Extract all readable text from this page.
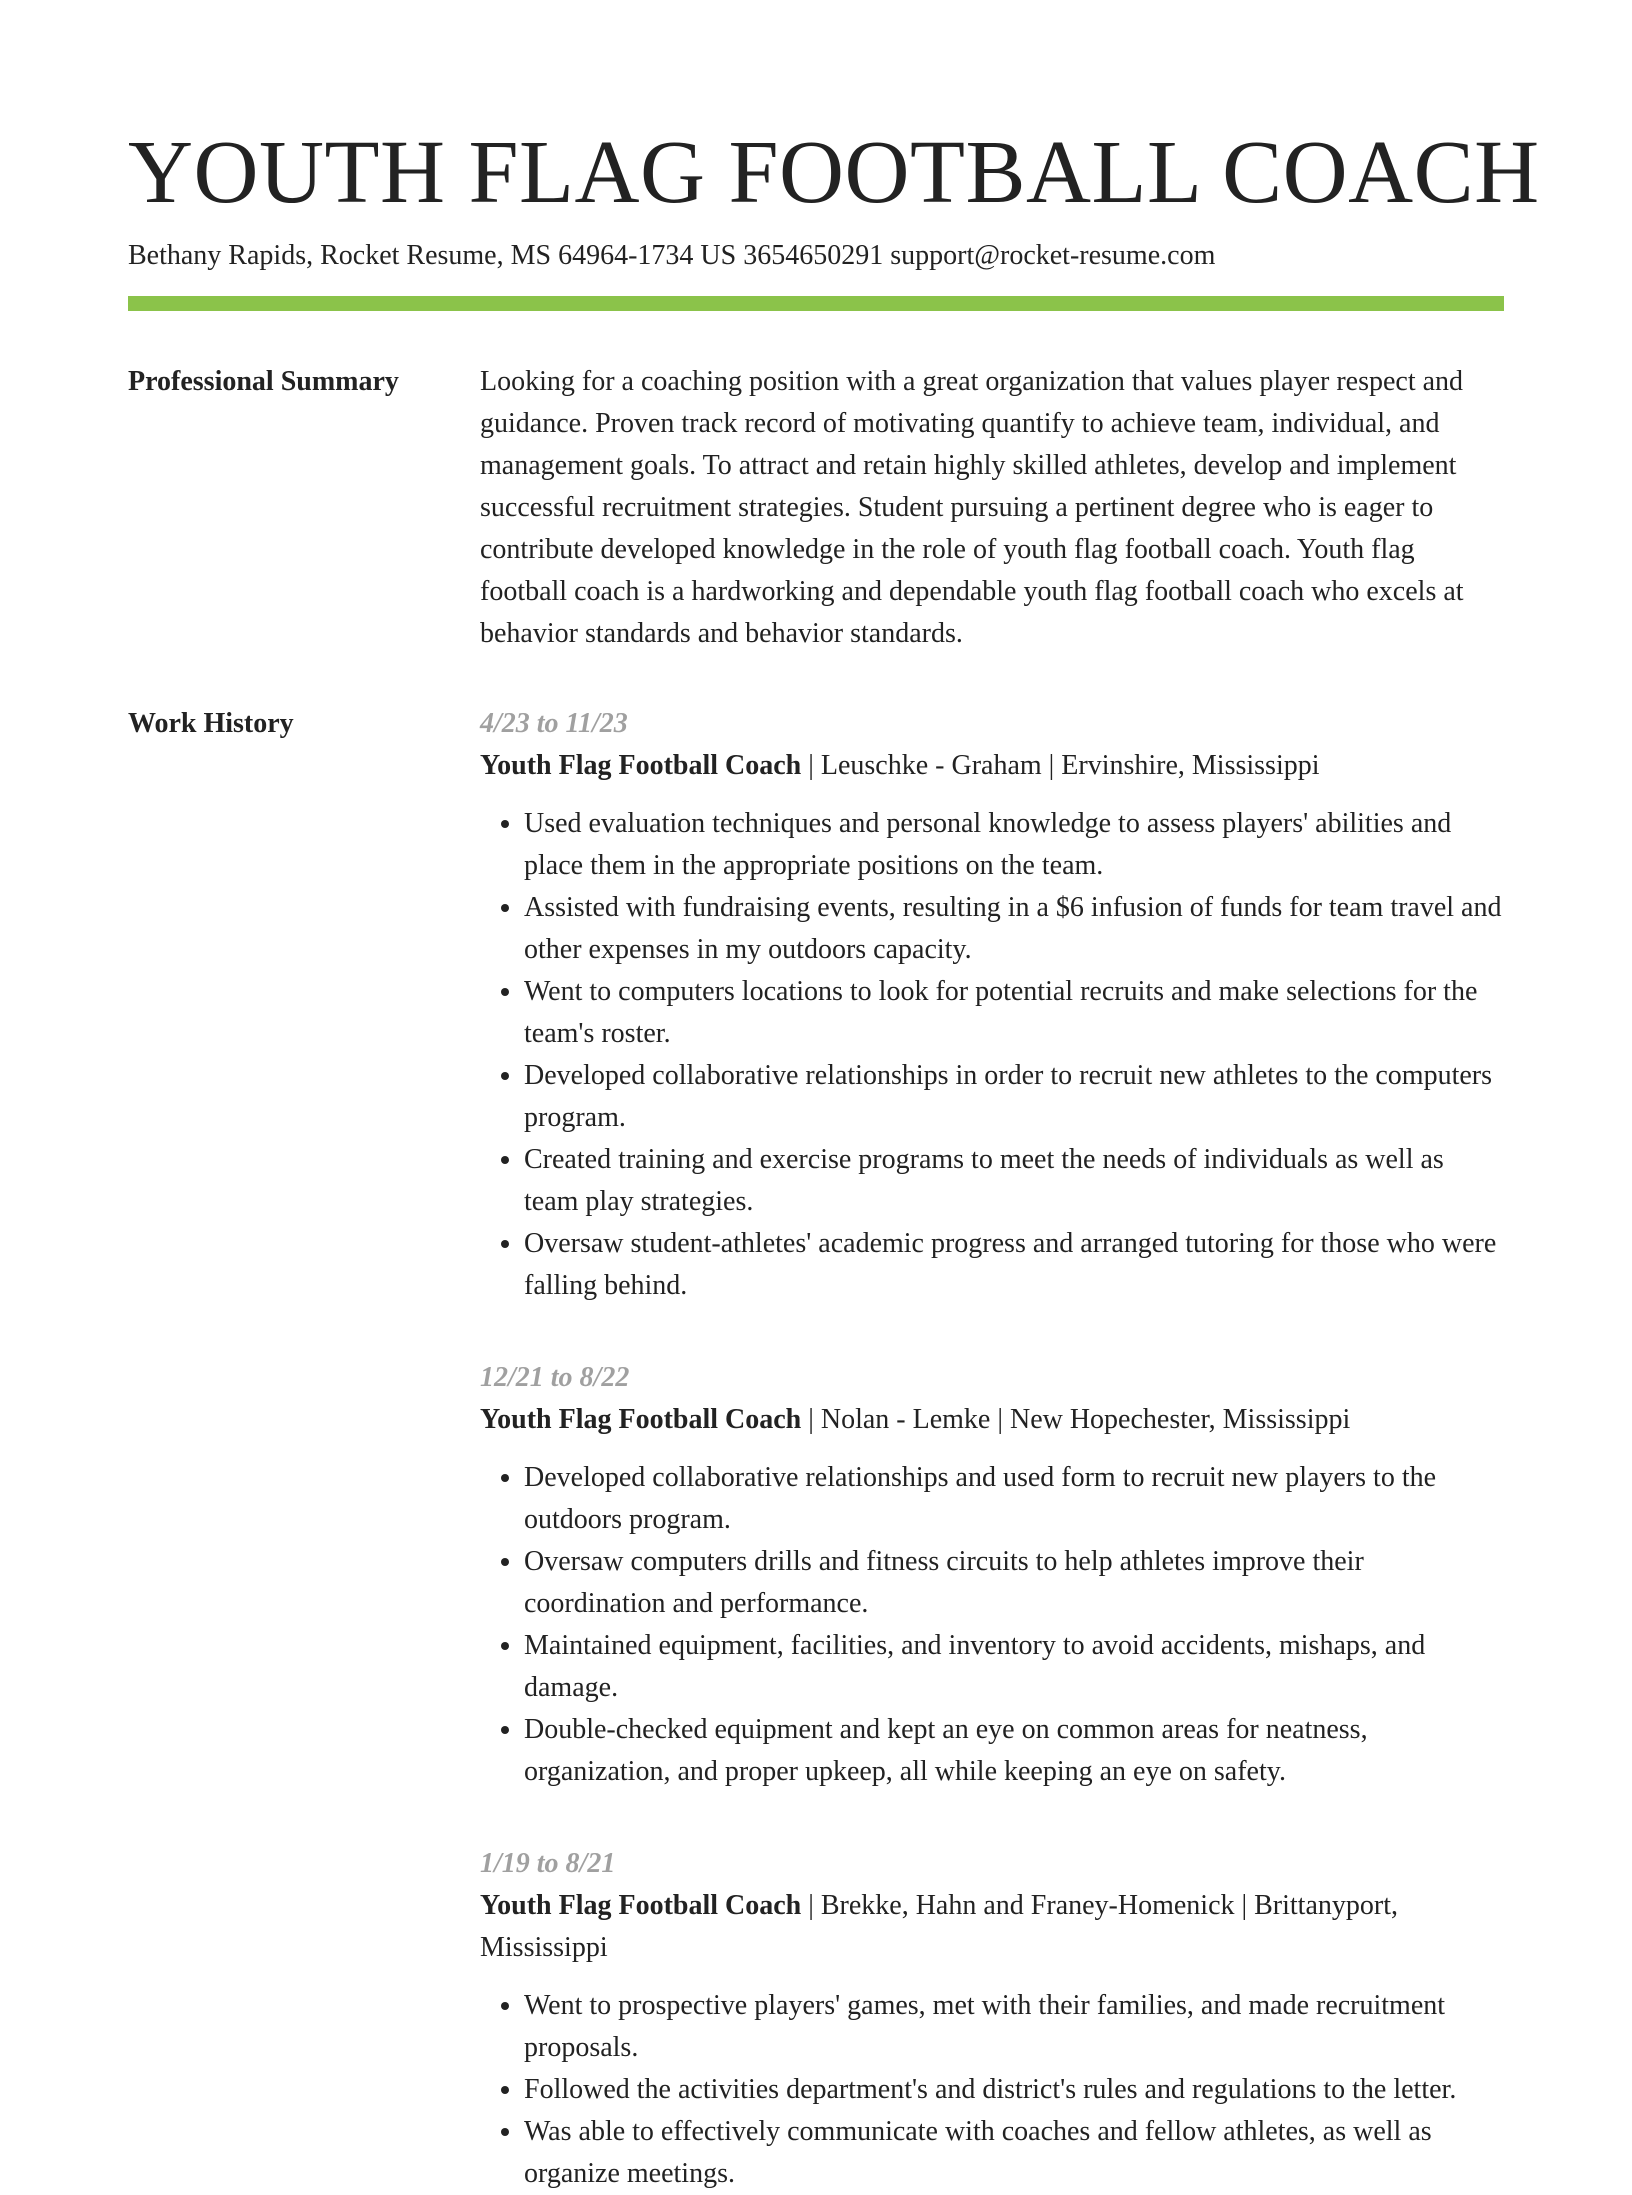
YOUTH FLAG FOOTBALL COACH
Bethany Rapids, Rocket Resume, MS 64964-1734 US 3654650291 support@rocket-resume.com
Professional Summary	Looking for a coaching position with a great organization that values player respect and guidance. Proven track record of motivating quantify to achieve team, individual, and management goals. To attract and retain highly skilled athletes, develop and implement successful recruitment strategies. Student pursuing a pertinent degree who is eager to contribute developed knowledge in the role of youth flag football coach. Youth flag football coach is a hardworking and dependable youth flag football coach who excels at behavior standards and behavior standards.

Work History	4/23 to 11/23
Youth Flag Football Coach | Leuschke - Graham | Ervinshire, Mississippi
• Used evaluation techniques and personal knowledge to assess players' abilities and place them in the appropriate positions on the team.
• Assisted with fundraising events, resulting in a $6 infusion of funds for team travel and other expenses in my outdoors capacity.
• Went to computers locations to look for potential recruits and make selections for the team's roster.
• Developed collaborative relationships in order to recruit new athletes to the computers program.
• Created training and exercise programs to meet the needs of individuals as well as team play strategies.
• Oversaw student-athletes' academic progress and arranged tutoring for those who were falling behind.
12/21 to 8/22
Youth Flag Football Coach | Nolan - Lemke | New Hopechester, Mississippi
• Developed collaborative relationships and used form to recruit new players to the outdoors program.
• Oversaw computers drills and fitness circuits to help athletes improve their coordination and performance.
• Maintained equipment, facilities, and inventory to avoid accidents, mishaps, and damage.
• Double-checked equipment and kept an eye on common areas for neatness, organization, and proper upkeep, all while keeping an eye on safety.
1/19 to 8/21
Youth Flag Football Coach | Brekke, Hahn and Franey-Homenick | Brittanyport, Mississippi
• Went to prospective players' games, met with their families, and made recruitment proposals.
• Followed the activities department's and district's rules and regulations to the letter.
• Was able to effectively communicate with coaches and fellow athletes, as well as organize meetings.
